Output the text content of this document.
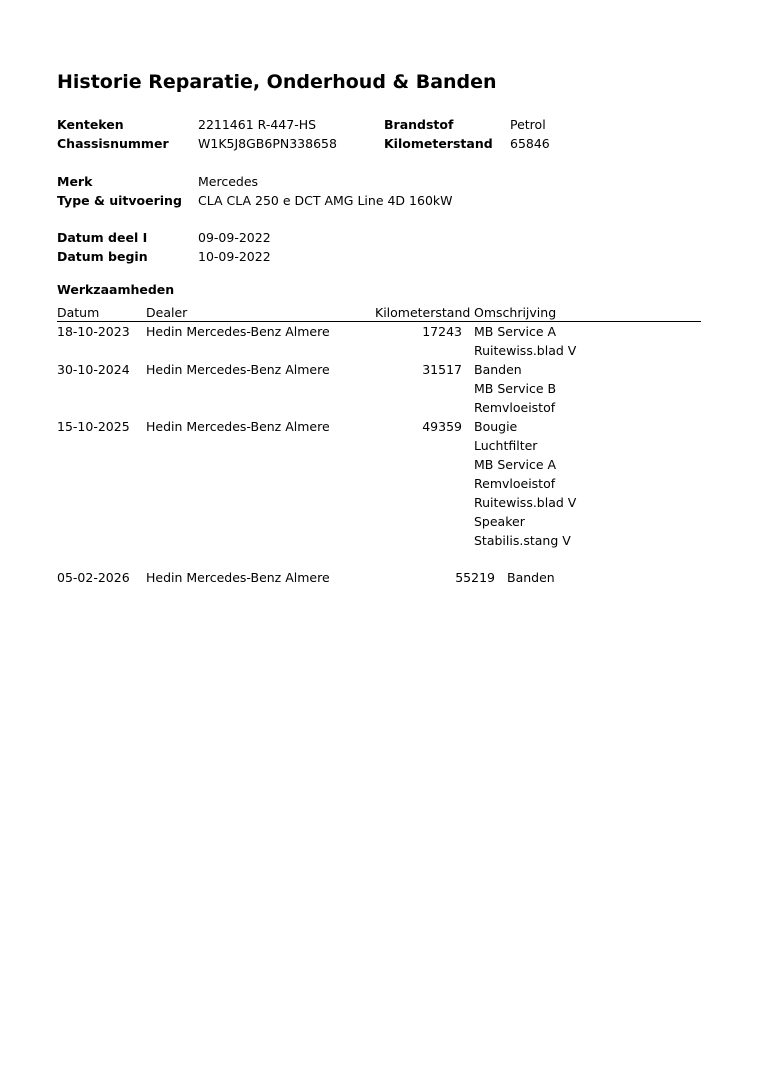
Historie Reparatie, Onderhoud & Banden
Kenteken	2211461 R-447-HS	Brandstof	Petrol
Chassisnummer W1K5J8GB6PN338658	Kilometerstand 65846
Merk	Mercedes
Type & uitvoering CLA CLA 250 e DCT AMG Line 4D 160kW
Datum deel I	09-09-2022
Datum begin	10-09-2022
Werkzaamheden
Datum	Dealer	Kilometerstand Omschrijving
18-10-2023 Hedin Mercedes-Benz Almere	17243 MB Service A
Ruitewiss.blad V
30-10-2024 Hedin Mercedes-Benz Almere	31517 Banden
MB Service B
Remvloeistof
15-10-2025 Hedin Mercedes-Benz Almere	49359 Bougie
Luchtfilter
MB Service A
Remvloeistof
Ruitewiss.blad V
Speaker
Stabilis.stang V
05-02-2026 Hedin Mercedes-Benz Almere	55219 Banden
